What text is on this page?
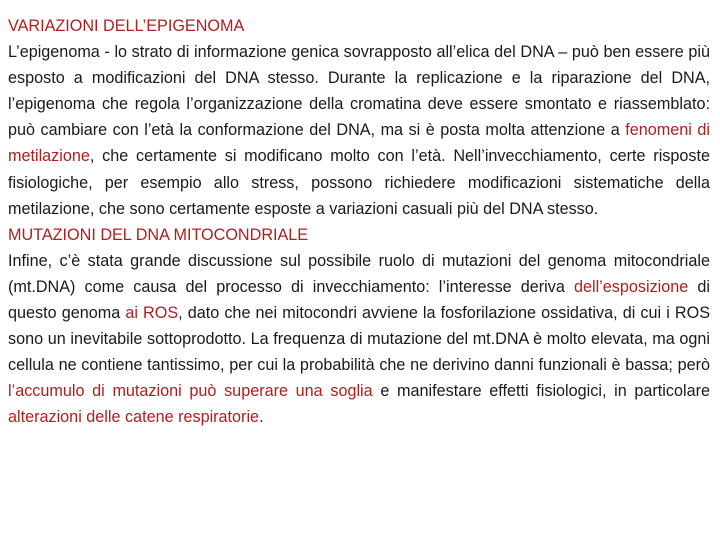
VARIAZIONI DELL’EPIGENOMA

L’epigenoma - lo strato di informazione genica sovrapposto all’elica del DNA – può ben essere più esposto a modificazioni del DNA stesso. Durante la replicazione e la riparazione del DNA, l’epigenoma che regola l’organizzazione della cromatina deve essere smontato e riassemblato: può cambiare con l’età la conformazione del DNA, ma si è posta molta attenzione a fenomeni di metilazione, che certamente si modificano molto con l’età. Nell’invecchiamento, certe risposte fisiologiche, per esempio allo stress, possono richiedere modificazioni sistematiche della metilazione, che sono certamente esposte a variazioni casuali più del DNA stesso.

MUTAZIONI DEL DNA MITOCONDRIALE

Infine, c’è stata grande discussione sul possibile ruolo di mutazioni del genoma mitocondriale (mt.DNA) come causa del processo di invecchiamento: l’interesse deriva dell’esposizione di questo genoma ai ROS, dato che nei mitocondri avviene la fosforilazione ossidativa, di cui i ROS sono un inevitabile sottoprodotto. La frequenza di mutazione del mt.DNA è molto elevata, ma ogni cellula ne contiene tantissimo, per cui la probabilità che ne derivino danni funzionali è bassa; però l’accumulo di mutazioni può superare una soglia e manifestare effetti fisiologici, in particolare alterazioni delle catene respiratorie.
